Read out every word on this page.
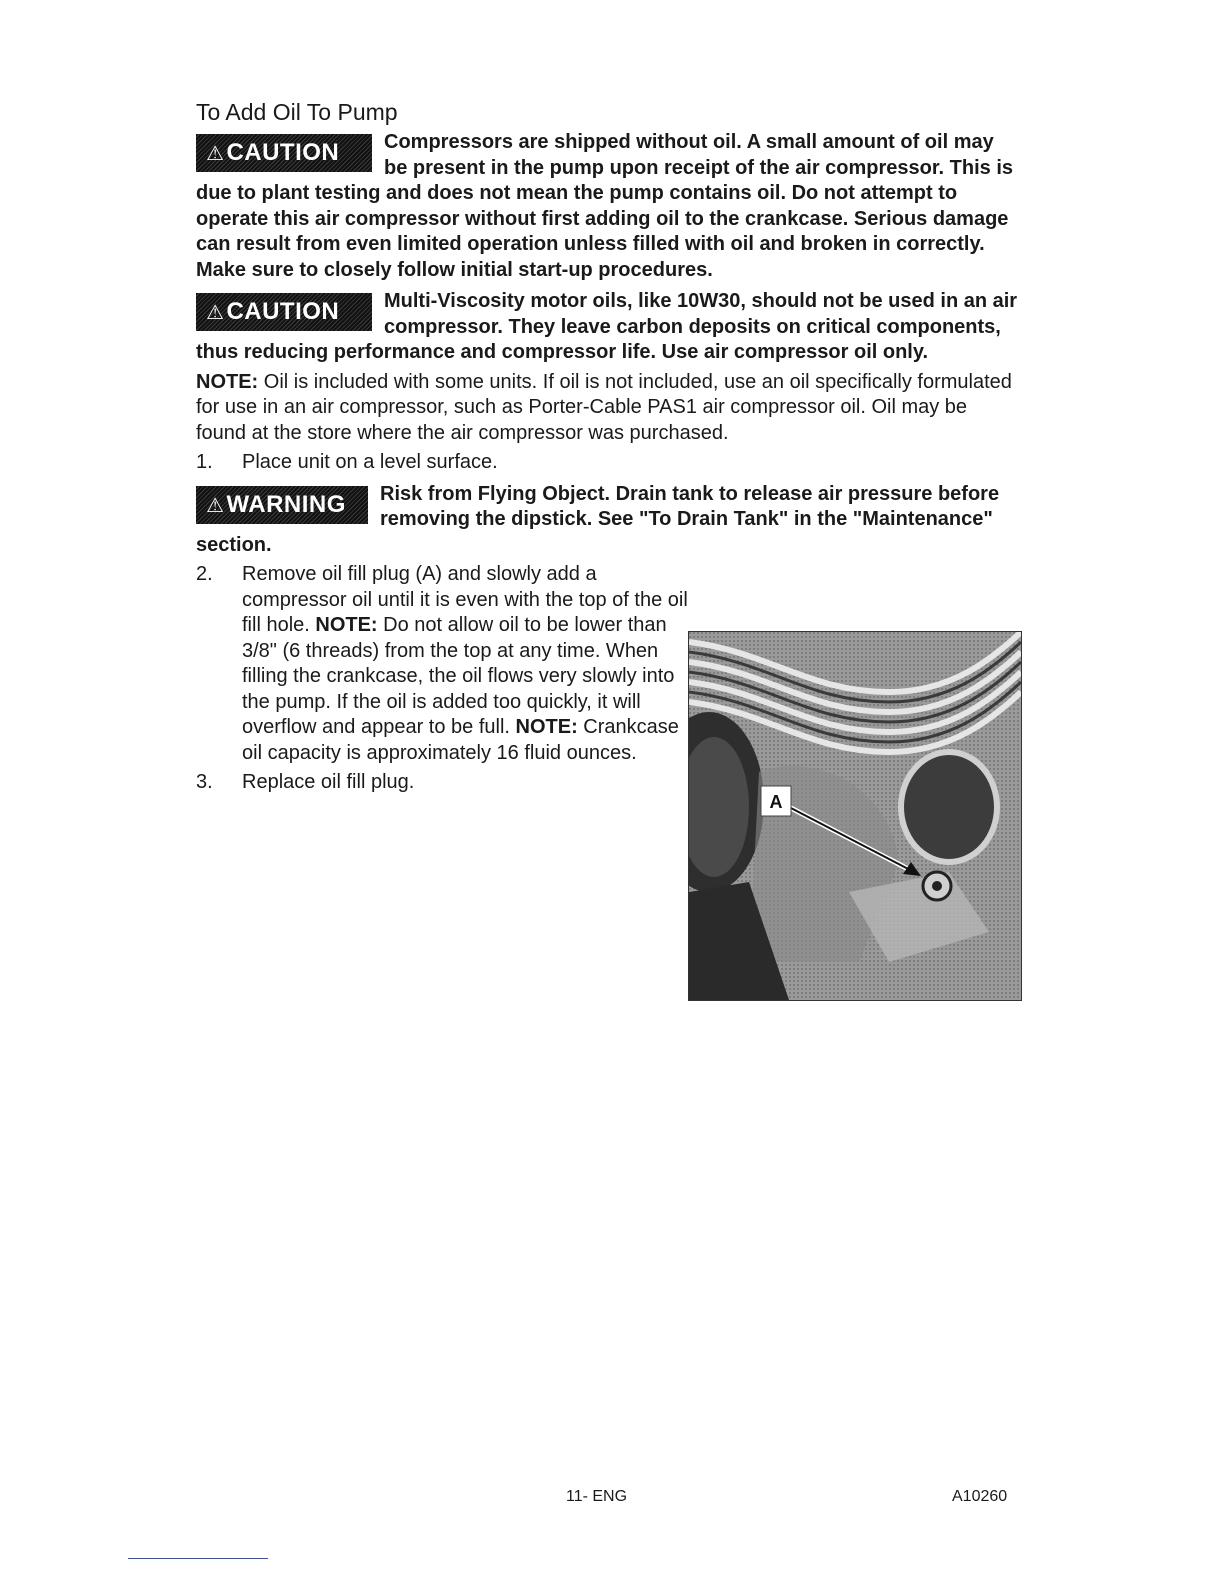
To Add Oil To Pump

⚠CAUTION	Compressors are shipped without oil. A small amount of oil may be present in the pump upon receipt of the air compressor. This is due to plant testing and does not mean the pump contains oil. Do not attempt to operate this air compressor without first adding oil to the crankcase. Serious damage can result from even limited operation unless filled with oil and broken in correctly. Make sure to closely follow initial start-up procedures.

⚠CAUTION	Multi-Viscosity motor oils, like 10W30, should not be used in an air compressor. They leave carbon deposits on critical components, thus reducing performance and compressor life. Use air compressor oil only.

NOTE: Oil is included with some units. If oil is not included, use an oil specifically formulated for use in an air compressor, such as Porter-Cable PAS1 air compressor oil. Oil may be found at the store where the air compressor was purchased.

1. Place unit on a level surface.

⚠WARNING	Risk from Flying Object. Drain tank to release air pressure before removing the dipstick. See "To Drain Tank" in the "Maintenance" section.

2. Remove oil fill plug (A) and slowly add a compressor oil until it is even with the top of the oil fill hole. NOTE: Do not allow oil to be lower than 3/8" (6 threads) from the top at any time. When filling the crankcase, the oil flows very slowly into the pump. If the oil is added too quickly, it will overflow and appear to be full. NOTE: Crankcase oil capacity is approximately 16 fluid ounces.

3. Replace oil fill plug.

A
11- ENG	A10260
